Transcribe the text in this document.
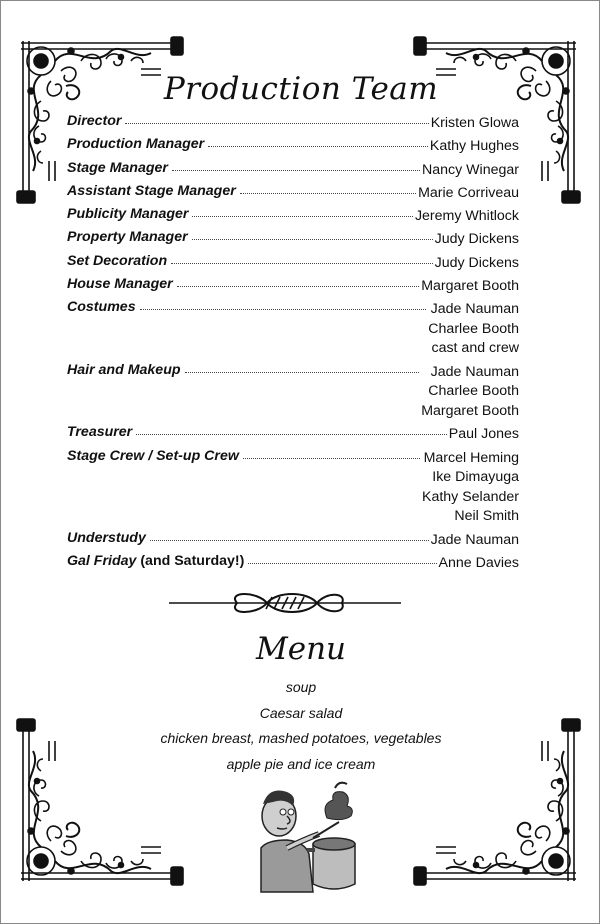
Production Team
Director	Kristen Glowa
Production Manager	Kathy Hughes
Stage Manager	Nancy Winegar
Assistant Stage Manager	Marie Corriveau
Publicity Manager	Jeremy Whitlock
Property Manager	Judy Dickens
Set Decoration	Judy Dickens
House Manager	Margaret Booth
Costumes	Jade Nauman
Charlee Booth
cast and crew
Hair and Makeup	Jade Nauman
Charlee Booth
Margaret Booth
Treasurer	Paul Jones
Stage Crew / Set-up Crew	Marcel Heming
Ike Dimayuga
Kathy Selander
Neil Smith
Understudy	Jade Nauman
Gal Friday (and Saturday!)	Anne Davies
Menu
soup
Caesar salad
chicken breast, mashed potatoes, vegetables
apple pie and ice cream
